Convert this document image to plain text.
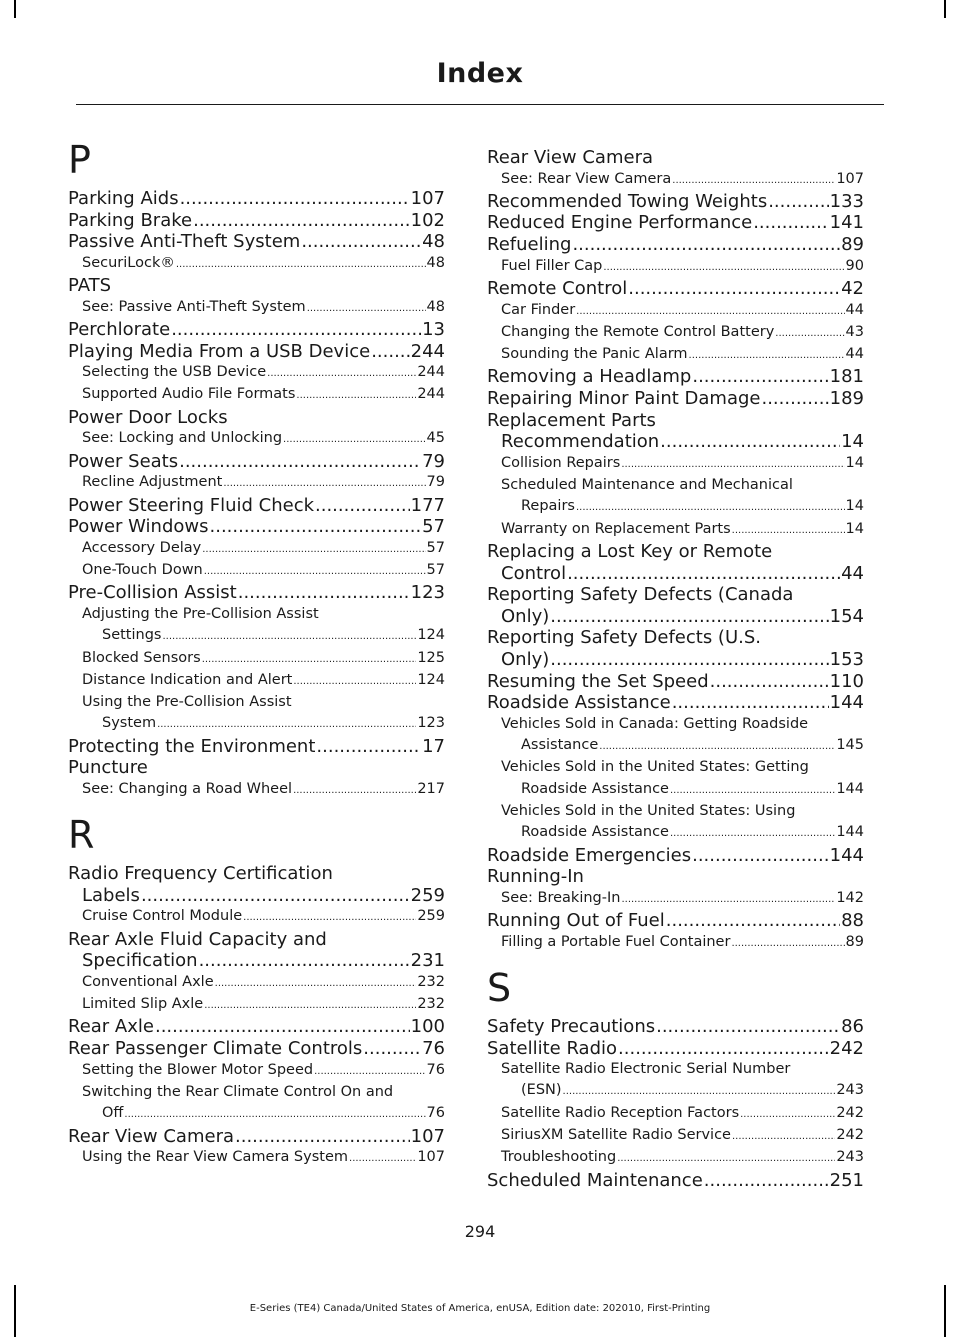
Index
P
Parking Aids .....	107
Parking Brake .....	102
Passive Anti-Theft System .....	48
SecuriLock® .....	48
PATS
See: Passive Anti-Theft System .....	48
Perchlorate .....	13
Playing Media From a USB Device ..... 244
Selecting the USB Device .....	244
Supported Audio File Formats .....	244
Power Door Locks
See: Locking and Unlocking .....	45
Power Seats .....	79
Recline Adjustment .....	79
Power Steering Fluid Check .....	177
Power Windows .....	57
Accessory Delay .....	57
One-Touch Down .....	57
Pre-Collision Assist .....	123
Adjusting the Pre-Collision Assist
Settings .....	124
Blocked Sensors .....	125
Distance Indication and Alert .....	124
Using the Pre-Collision Assist
System .....	123
Protecting the Environment .....	17
Puncture
See: Changing a Road Wheel .....	217
R
Radio Frequency Certification
Labels .....	259
Cruise Control Module .....	259
Rear Axle Fluid Capacity and
Specification .....	231
Conventional Axle .....	232
Limited Slip Axle .....	232
Rear Axle .....	100
Rear Passenger Climate Controls .....	76
Setting the Blower Motor Speed .....	76
Switching the Rear Climate Control On and
Off .....	76
Rear View Camera .....	107
Using the Rear View Camera System .....	107
Rear View Camera
See: Rear View Camera .....	107
Recommended Towing Weights .....	133
Reduced Engine Performance .....	141
Refueling .....	89
Fuel Filler Cap .....	90
Remote Control .....	42
Car Finder .....	44
Changing the Remote Control Battery .....	43
Sounding the Panic Alarm .....	44
Removing a Headlamp .....	181
Repairing Minor Paint Damage .....	189
Replacement Parts
Recommendation .....	14
Collision Repairs .....	14
Scheduled Maintenance and Mechanical
Repairs .....	14
Warranty on Replacement Parts .....	14
Replacing a Lost Key or Remote
Control .....	44
Reporting Safety Defects (Canada
Only) .....	154
Reporting Safety Defects (U.S.
Only) .....	153
Resuming the Set Speed .....	110
Roadside Assistance .....	144
Vehicles Sold in Canada: Getting Roadside
Assistance .....	145
Vehicles Sold in the United States: Getting
Roadside Assistance .....	144
Vehicles Sold in the United States: Using
Roadside Assistance .....	144
Roadside Emergencies .....	144
Running-In
See: Breaking-In .....	142
Running Out of Fuel .....	88
Filling a Portable Fuel Container .....	89
S
Safety Precautions .....	86
Satellite Radio .....	242
Satellite Radio Electronic Serial Number
(ESN) .....	243
Satellite Radio Reception Factors .....	242
SiriusXM Satellite Radio Service .....	242
Troubleshooting .....	243
Scheduled Maintenance .....	251
294
E-Series (TE4) Canada/United States of America, enUSA, Edition date: 202010, First-Printing
